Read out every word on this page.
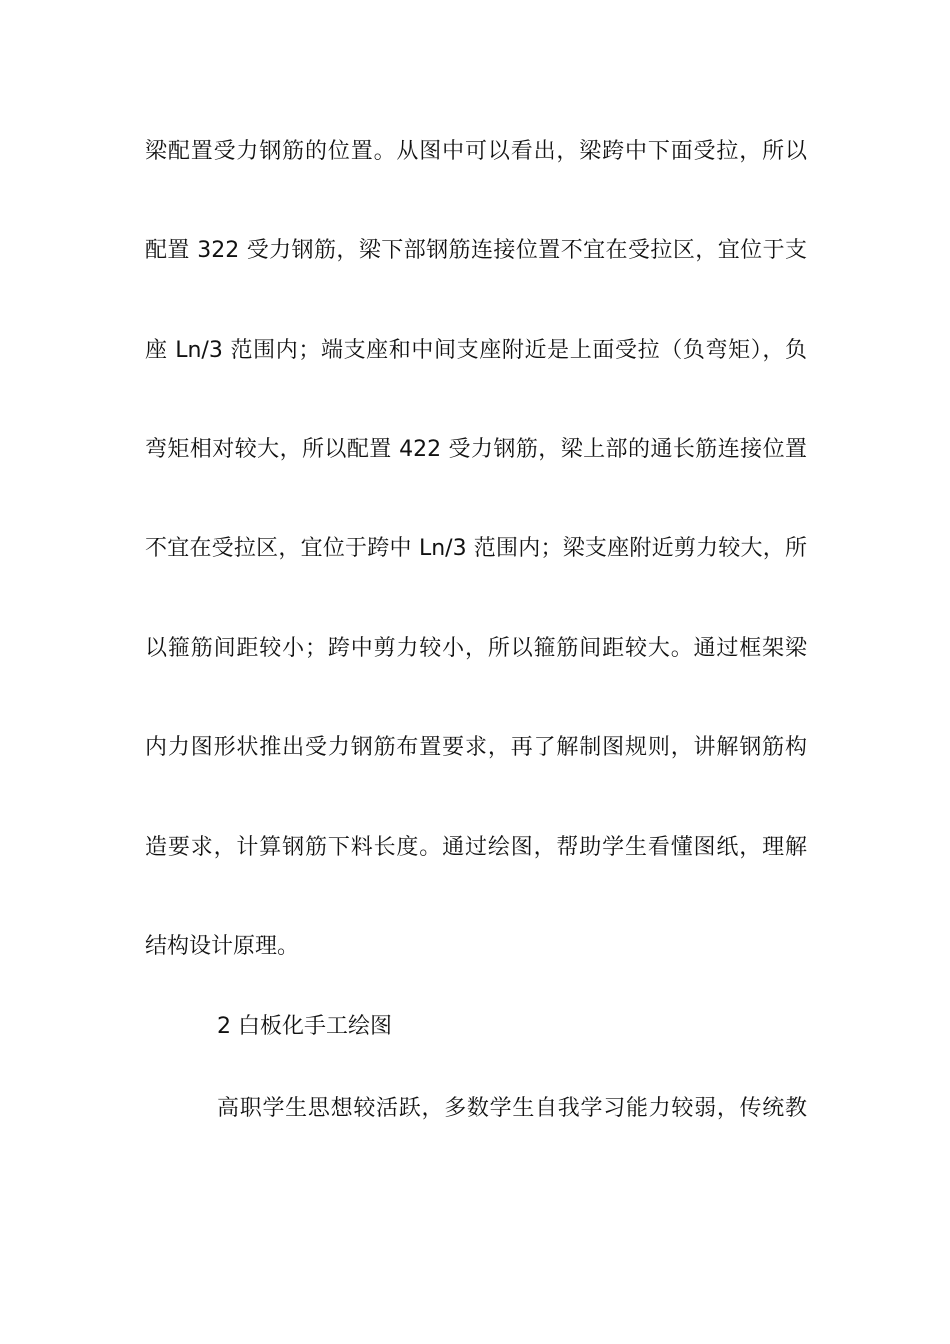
梁配置受力钢筋的位置。从图中可以看出，梁跨中下面受拉，所以
配置 322 受力钢筋，梁下部钢筋连接位置不宜在受拉区，宜位于支
座 Ln/3 范围内；端支座和中间支座附近是上面受拉（负弯矩），负
弯矩相对较大，所以配置 422 受力钢筋，梁上部的通长筋连接位置
不宜在受拉区，宜位于跨中 Ln/3 范围内；梁支座附近剪力较大，所
以箍筋间距较小；跨中剪力较小，所以箍筋间距较大。通过框架梁
内力图形状推出受力钢筋布置要求，再了解制图规则，讲解钢筋构
造要求，计算钢筋下料长度。通过绘图，帮助学生看懂图纸，理解
结构设计原理。
2 白板化手工绘图
高职学生思想较活跃，多数学生自我学习能力较弱，传统教
